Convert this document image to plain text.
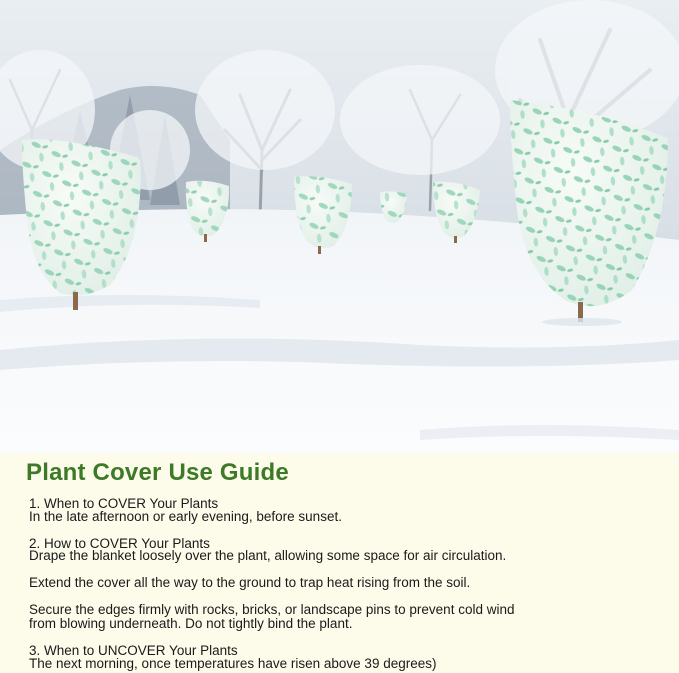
Plant Cover Use Guide

1. When to COVER Your Plants

In the late afternoon or early evening, before sunset.

2. How to COVER Your Plants

Drape the blanket loosely over the plant, allowing some space for air circulation.

Extend the cover all the way to the ground to trap heat rising from the soil.

Secure the edges firmly with rocks, bricks, or landscape pins to prevent cold wind

from blowing underneath. Do not tightly bind the plant.

3. When to UNCOVER Your Plants

The next morning, once temperatures have risen above 39 degrees)
